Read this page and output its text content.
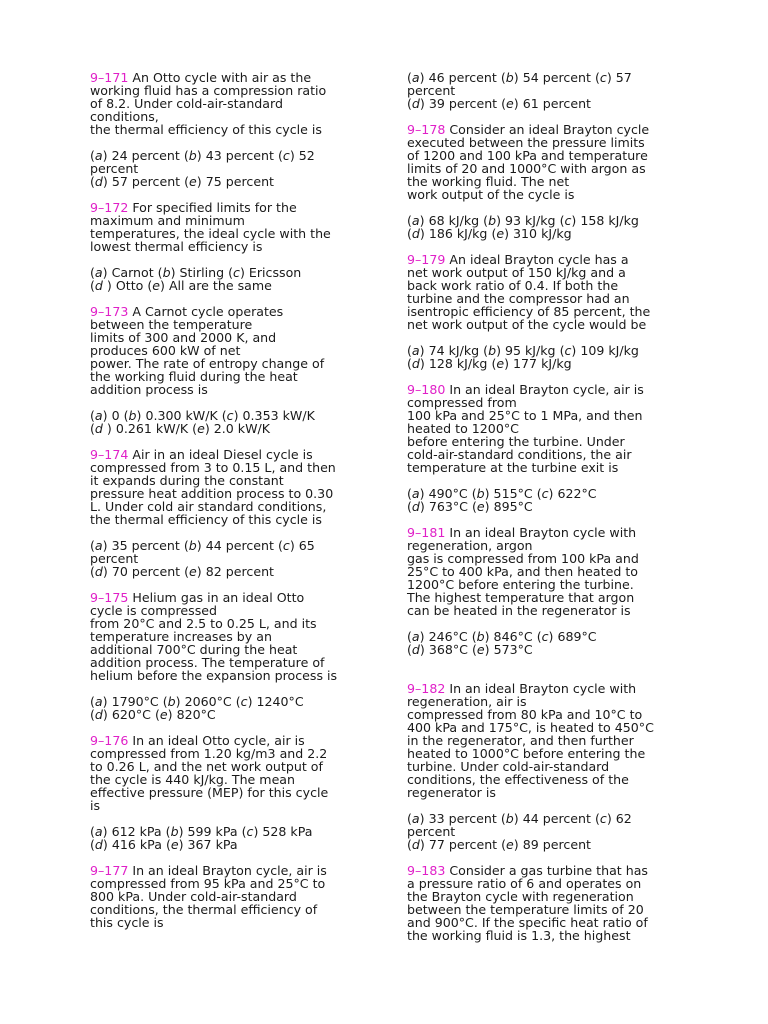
9–171 An Otto cycle with air as the
working fluid has a compression ratio
of 8.2. Under cold-air-standard
conditions,
the thermal efficiency of this cycle is
(a) 24 percent (b) 43 percent (c) 52
percent
(d) 57 percent (e) 75 percent
9–172 For specified limits for the
maximum and minimum
temperatures, the ideal cycle with the
lowest thermal efficiency is
(a) Carnot (b) Stirling (c) Ericsson
(d ) Otto (e) All are the same
9–173 A Carnot cycle operates
between the temperature
limits of 300 and 2000 K, and
produces 600 kW of net
power. The rate of entropy change of
the working fluid during the heat
addition process is
(a) 0 (b) 0.300 kW/K (c) 0.353 kW/K
(d ) 0.261 kW/K (e) 2.0 kW/K
9–174 Air in an ideal Diesel cycle is
compressed from 3 to 0.15 L, and then
it expands during the constant
pressure heat addition process to 0.30
L. Under cold air standard conditions,
the thermal efficiency of this cycle is
(a) 35 percent (b) 44 percent (c) 65
percent
(d) 70 percent (e) 82 percent
9–175 Helium gas in an ideal Otto
cycle is compressed
from 20°C and 2.5 to 0.25 L, and its
temperature increases by an
additional 700°C during the heat
addition process. The temperature of
helium before the expansion process is
(a) 1790°C (b) 2060°C (c) 1240°C
(d) 620°C (e) 820°C
9–176 In an ideal Otto cycle, air is
compressed from 1.20 kg/m3 and 2.2
to 0.26 L, and the net work output of
the cycle is 440 kJ/kg. The mean
effective pressure (MEP) for this cycle
is
(a) 612 kPa (b) 599 kPa (c) 528 kPa
(d) 416 kPa (e) 367 kPa
9–177 In an ideal Brayton cycle, air is
compressed from 95 kPa and 25°C to
800 kPa. Under cold-air-standard
conditions, the thermal efficiency of
this cycle is
(a) 46 percent (b) 54 percent (c) 57
percent
(d) 39 percent (e) 61 percent
9–178 Consider an ideal Brayton cycle
executed between the pressure limits
of 1200 and 100 kPa and temperature
limits of 20 and 1000°C with argon as
the working fluid. The net
work output of the cycle is
(a) 68 kJ/kg (b) 93 kJ/kg (c) 158 kJ/kg
(d) 186 kJ/kg (e) 310 kJ/kg
9–179 An ideal Brayton cycle has a
net work output of 150 kJ/kg and a
back work ratio of 0.4. If both the
turbine and the compressor had an
isentropic efficiency of 85 percent, the
net work output of the cycle would be
(a) 74 kJ/kg (b) 95 kJ/kg (c) 109 kJ/kg
(d) 128 kJ/kg (e) 177 kJ/kg
9–180 In an ideal Brayton cycle, air is
compressed from
100 kPa and 25°C to 1 MPa, and then
heated to 1200°C
before entering the turbine. Under
cold-air-standard conditions, the air
temperature at the turbine exit is
(a) 490°C (b) 515°C (c) 622°C
(d) 763°C (e) 895°C
9–181 In an ideal Brayton cycle with
regeneration, argon
gas is compressed from 100 kPa and
25°C to 400 kPa, and then heated to
1200°C before entering the turbine.
The highest temperature that argon
can be heated in the regenerator is
(a) 246°C (b) 846°C (c) 689°C
(d) 368°C (e) 573°C
9–182 In an ideal Brayton cycle with
regeneration, air is
compressed from 80 kPa and 10°C to
400 kPa and 175°C, is heated to 450°C
in the regenerator, and then further
heated to 1000°C before entering the
turbine. Under cold-air-standard
conditions, the effectiveness of the
regenerator is
(a) 33 percent (b) 44 percent (c) 62
percent
(d) 77 percent (e) 89 percent
9–183 Consider a gas turbine that has
a pressure ratio of 6 and operates on
the Brayton cycle with regeneration
between the temperature limits of 20
and 900°C. If the specific heat ratio of
the working fluid is 1.3, the highest
